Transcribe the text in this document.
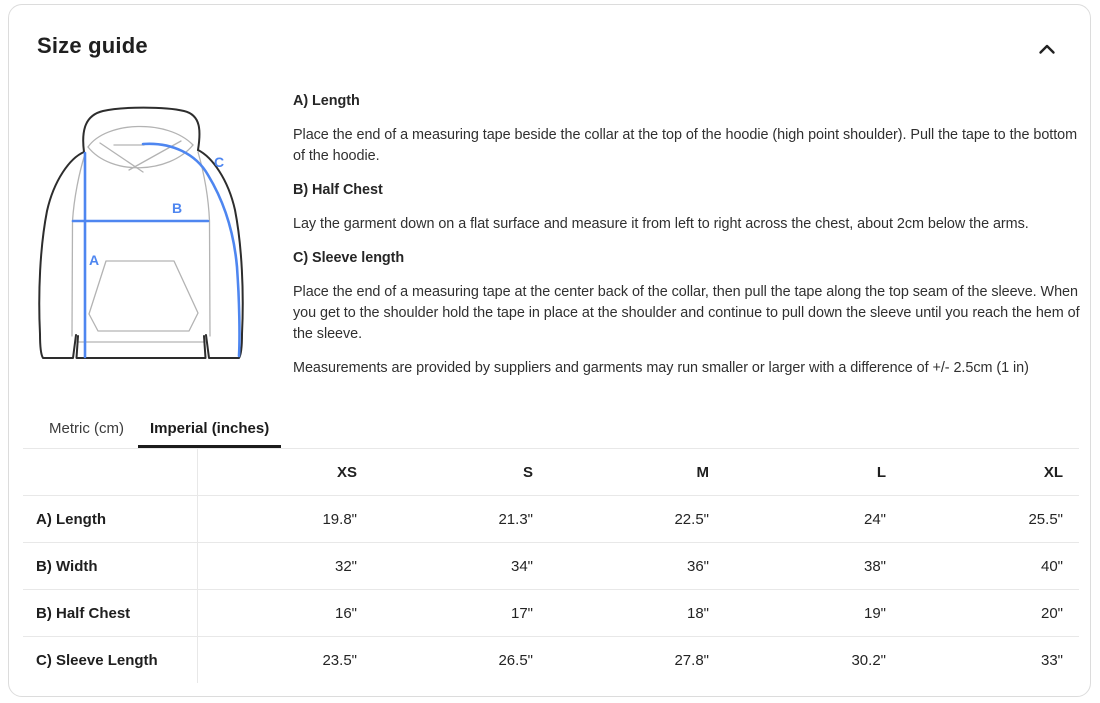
Size guide
A
B
C

A) Length

Place the end of a measuring tape beside the collar at the top of the hoodie (high point shoulder). Pull the tape to the bottom of the hoodie.

B) Half Chest

Lay the garment down on a flat surface and measure it from left to right across the chest, about 2cm below the arms.

C) Sleeve length

Place the end of a measuring tape at the center back of the collar, then pull the tape along the top seam of the sleeve. When you get to the shoulder hold the tape in place at the shoulder and continue to pull down the sleeve until you reach the hem of the sleeve.

Measurements are provided by suppliers and garments may run smaller or larger with a difference of +/- 2.5cm (1 in)

Metric (cm)	Imperial (inches)
	XS	S	M	L	XL
A) Length	19.8"	21.3"	22.5"	24"	25.5"
B) Width	32"	34"	36"	38"	40"
B) Half Chest	16"	17"	18"	19"	20"
C) Sleeve Length	23.5"	26.5"	27.8"	30.2"	33"
